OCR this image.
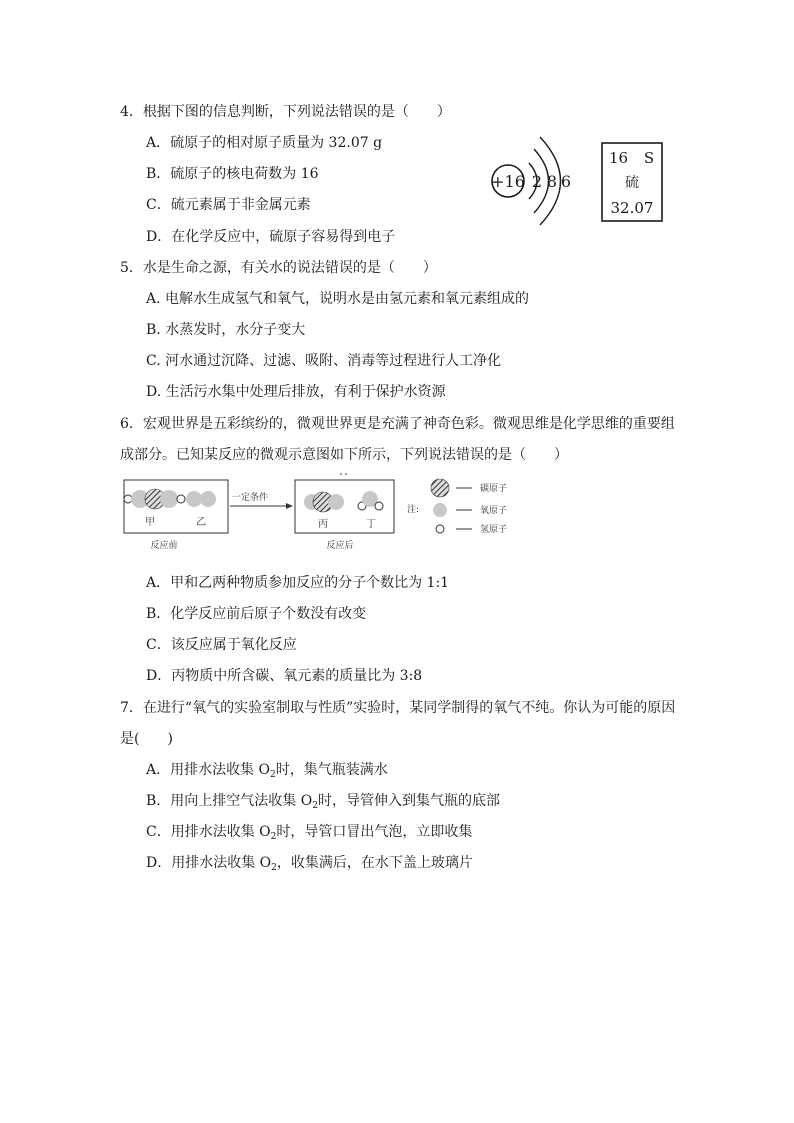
4．根据下图的信息判断，下列说法错误的是（　　）
A．硫原子的相对原子质量为 32.07 g
B．硫原子的核电荷数为 16
C．硫元素属于非金属元素
D．在化学反应中，硫原子容易得到电子
+16 2 8 6
16 S
硫
32.07
5．水是生命之源，有关水的说法错误的是（　　）
A. 电解水生成氢气和氧气，说明水是由氢元素和氧元素组成的
B. 水蒸发时，水分子变大
C. 河水通过沉降、过滤、吸附、消毒等过程进行人工净化
D. 生活污水集中处理后排放，有利于保护水资源
6．宏观世界是五彩缤纷的，微观世界更是充满了神奇色彩。微观思维是化学思维的重要组
成部分。已知某反应的微观示意图如下所示，下列说法错误的是（　　）
甲	乙
反应前
一定条件
丙	丁
反应后
注:
碳原子
氧原子
氢原子
A．甲和乙两种物质参加反应的分子个数比为 1:1
B．化学反应前后原子个数没有改变
C．该反应属于氧化反应
D．丙物质中所含碳、氧元素的质量比为 3:8
7．在进行“氧气的实验室制取与性质”实验时，某同学制得的氧气不纯。你认为可能的原因
是(　　)
A．用排水法收集 $O_2$时，集气瓶装满水
B．用向上排空气法收集 $O_2$时，导管伸入到集气瓶的底部
C．用排水法收集 $O_2$时，导管口冒出气泡，立即收集
D．用排水法收集 $O_2$，收集满后，在水下盖上玻璃片
